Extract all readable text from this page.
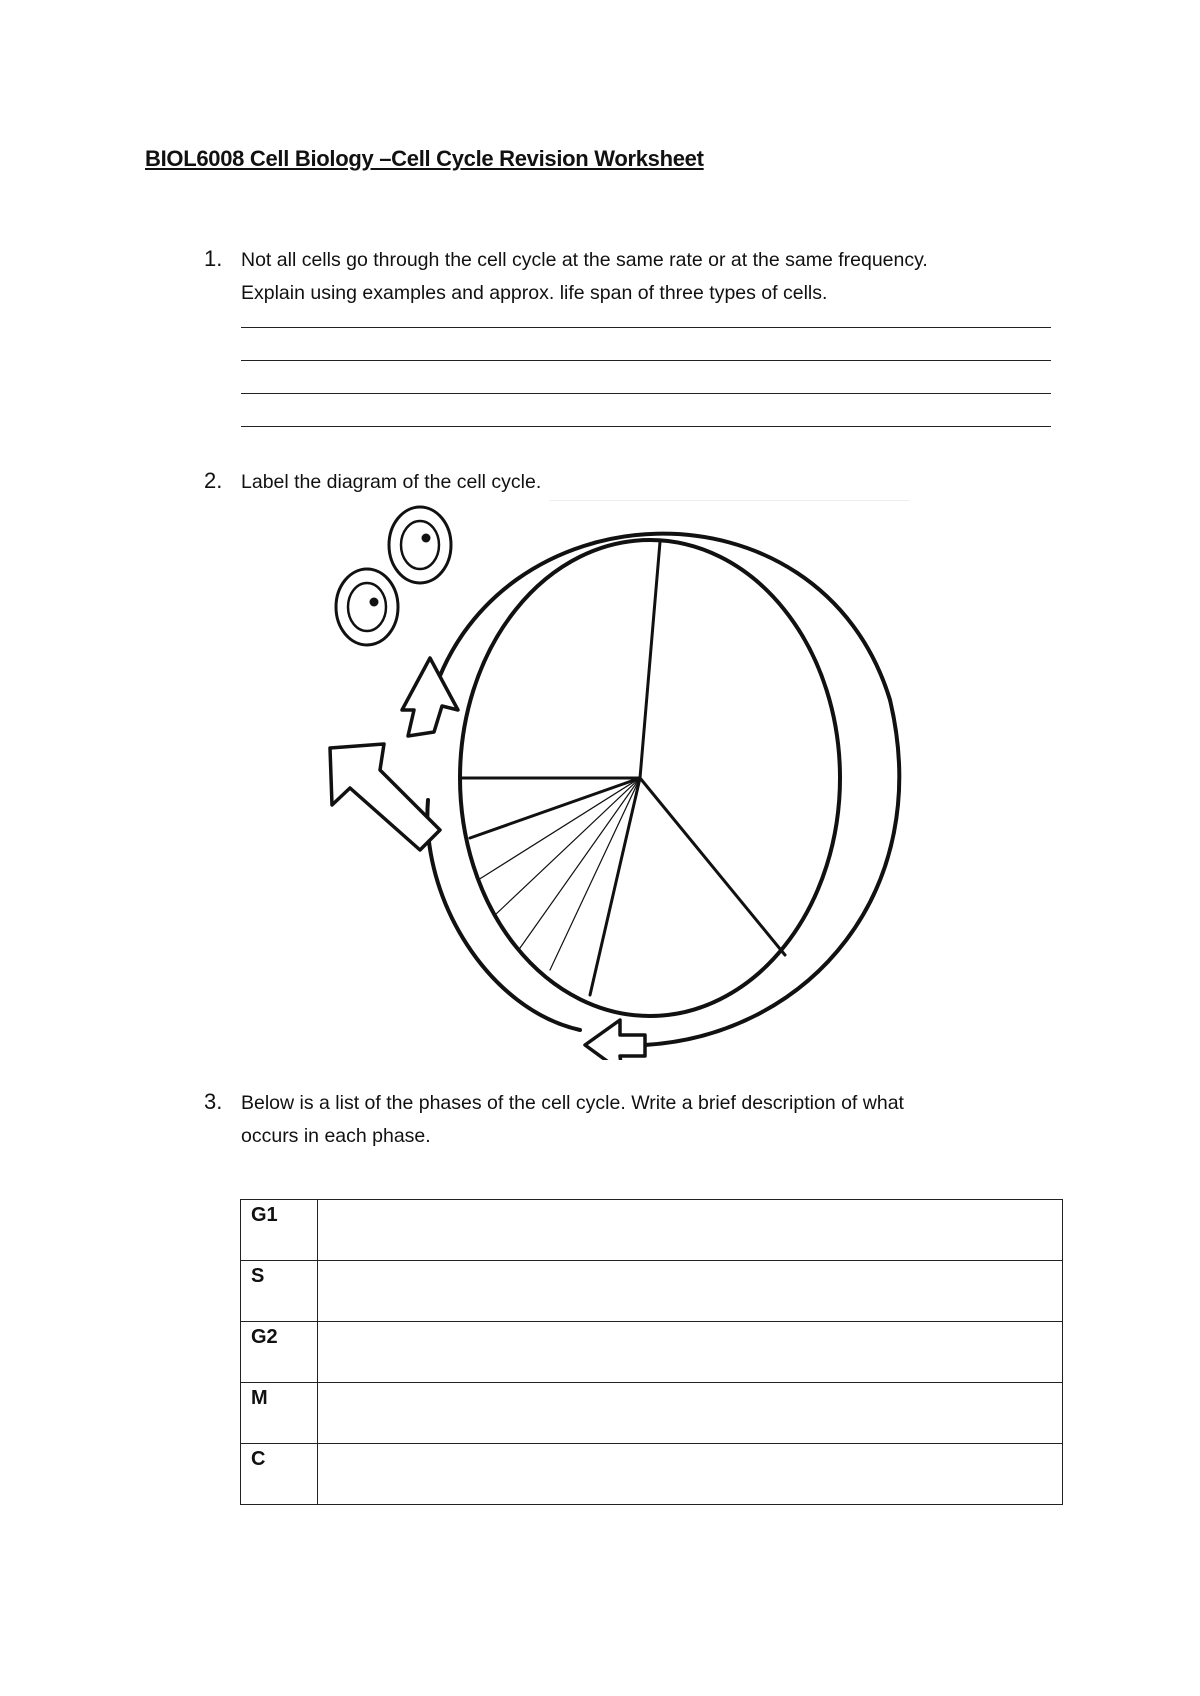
BIOL6008 Cell Biology –Cell Cycle Revision Worksheet
1. Not all cells go through the cell cycle at the same rate or at the same frequency.
Explain using examples and approx. life span of three types of cells.
2. Label the diagram of the cell cycle.
3. Below is a list of the phases of the cell cycle. Write a brief description of what
occurs in each phase.
G1	
S	
G2	
M	
C	
